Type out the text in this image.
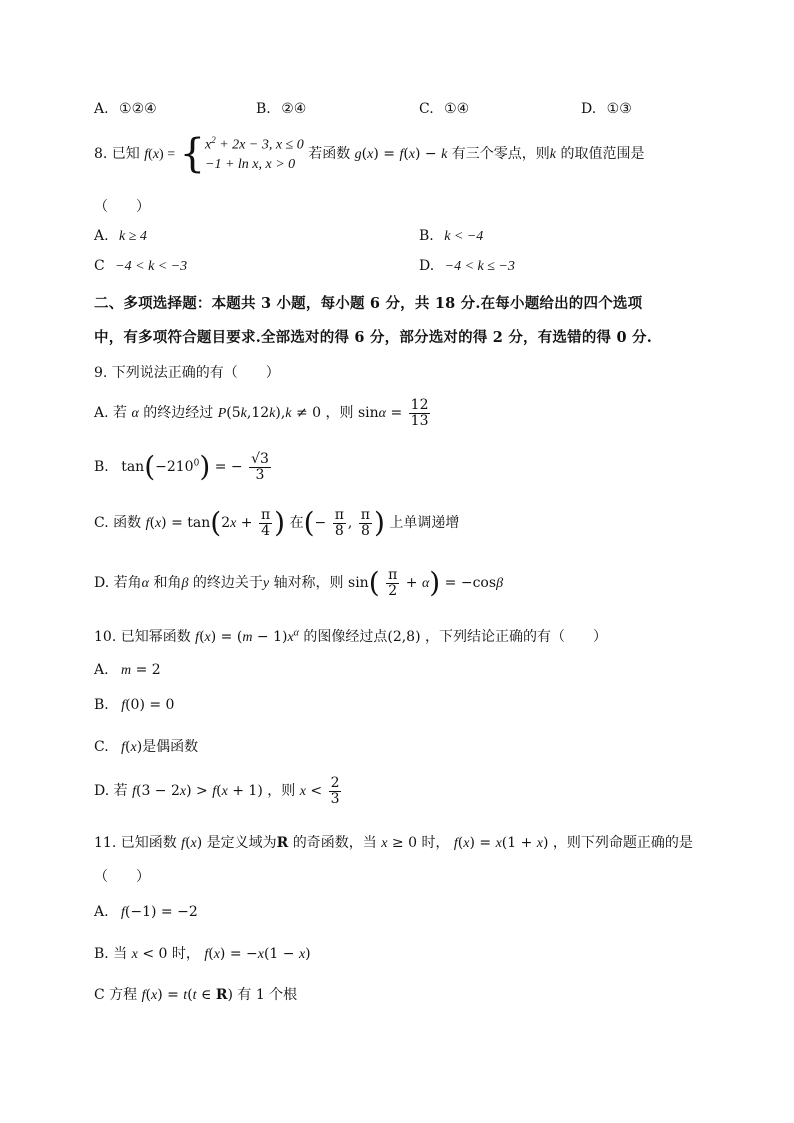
A. ①②④	B. ②④	C. ①④	D. ①③
8. 已知 $f(x) = \{x^2 + 2x - 3$, x ≤ 0
−1 + ln x, x > 0 若函数 g(x) = f(x) − k 有三个零点，则k 的取值范围是
（　　）
A. k ≥ 4	B. k < −4
C −4 < k < −3	D. −4 < k ≤ −3
二、多项选择题：本题共 3 小题，每小题 6 分，共 18 分.在每小题给出的四个选项
中，有多项符合题目要求.全部选对的得 6 分，部分选对的得 2 分，有选错的得 0 分.
9. 下列说法正确的有（　　）
A. 若 α 的终边经过 P(5k,12k),k ≠ 0 ，则 $\sin\alpha = \frac{12}{13}$
B. $\tan(-210^0)$ = − $\frac{√3}{3}$
C. 函数 $f(x) = \tan(2x + \frac{\pi}{4}$ ) 在(− $\frac{\pi}{8}$ , $\frac{\pi}{8}$ ) 上单调递增
D. 若角α 和角β 的终边关于y 轴对称，则 $\sin( \frac{\pi}{2} + \alpha) = -\cos\beta$
10. 已知幂函数 $f(x) = (m - 1)x^\alpha$ 的图像经过点(2,8) ，下列结论正确的有（　　）
A. m = 2
B. f(0) = 0
C. f(x)是偶函数
D. 若 f(3 − 2x) > f(x + 1) ，则 $x < \frac{2}{3}$
11. 已知函数 f(x) 是定义域为R 的奇函数，当 x ≥ 0 时， f(x) = x(1 + x) ，则下列命题正确的是
（　　）
A. f(−1) = −2
B. 当 x < 0 时， f(x) = −x(1 − x)
C 方程 f(x) = t(t ∈ R) 有 1 个根
